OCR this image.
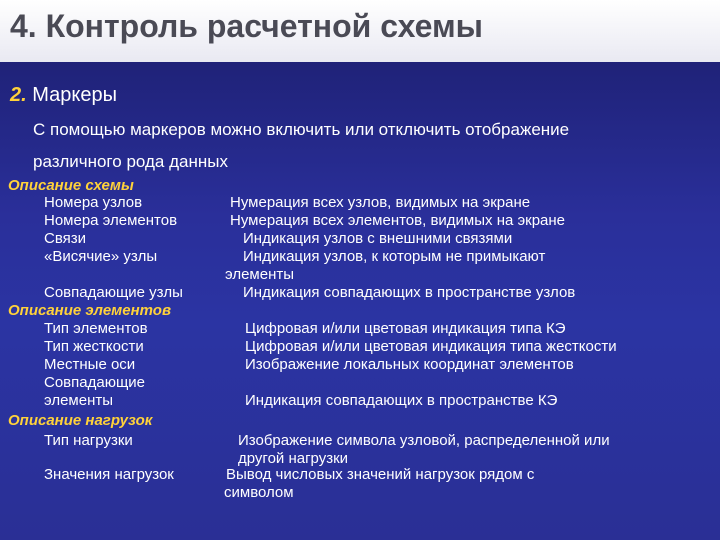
4. Контроль расчетной схемы
2. Маркеры
С помощью маркеров можно включить или отключить отображение
различного рода данных
Описание схемы
Номера узлов	Нумерация всех узлов, видимых на экране
Номера элементов	Нумерация всех элементов, видимых на экране
Связи	Индикация узлов с внешними связями
«Висячие» узлы	Индикация узлов, к которым не примыкают
элементы
Совпадающие узлы	Индикация совпадающих в пространстве узлов
Описание элементов
Тип элементов	Цифровая и/или цветовая индикация типа КЭ
Тип жесткости	Цифровая и/или цветовая индикация типа жесткости
Местные оси	Изображение локальных координат элементов
Совпадающие
элементы	Индикация совпадающих в пространстве КЭ
Описание нагрузок
Тип нагрузки	Изображение символа узловой, распределенной или
другой нагрузки
Значения нагрузок	Вывод числовых значений нагрузок рядом с
символом
